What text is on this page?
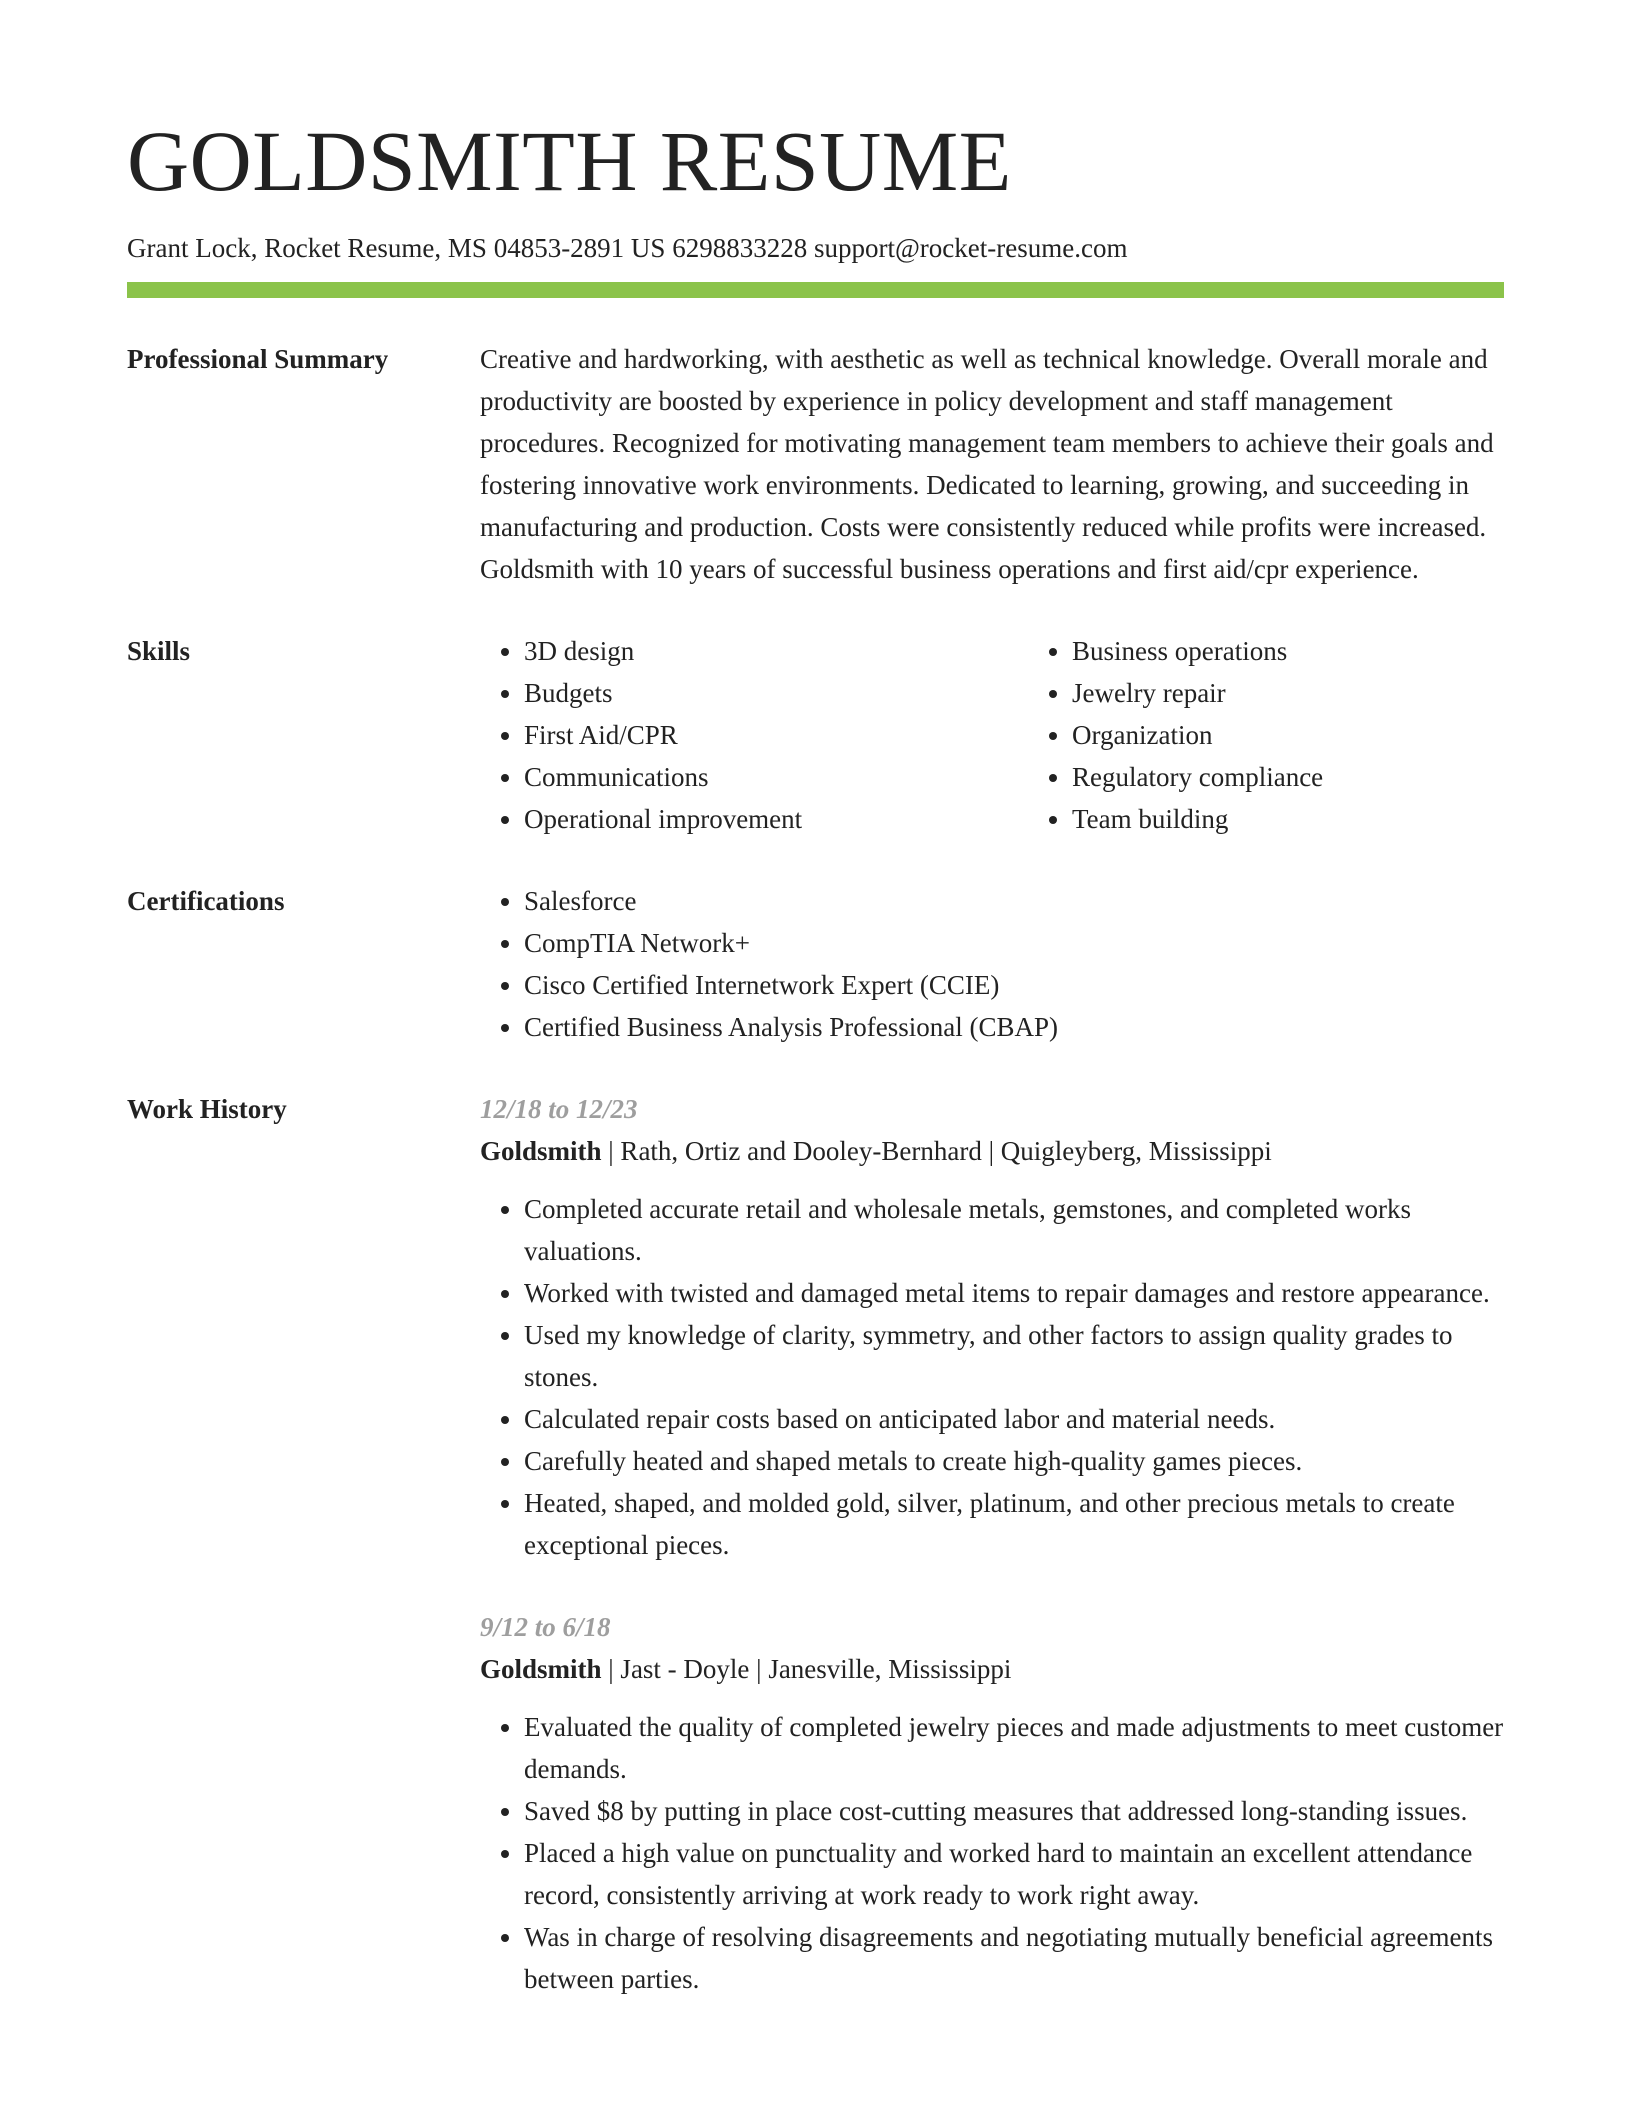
GOLDSMITH RESUME
Grant Lock, Rocket Resume, MS 04853-2891 US 6298833228 support@rocket-resume.com
Professional Summary	Creative and hardworking, with aesthetic as well as technical knowledge. Overall morale and productivity are boosted by experience in policy development and staff management procedures. Recognized for motivating management team members to achieve their goals and fostering innovative work environments. Dedicated to learning, growing, and succeeding in manufacturing and production. Costs were consistently reduced while profits were increased. Goldsmith with 10 years of successful business operations and first aid/cpr experience.

Skills	• 3D design
• Budgets
• First Aid/CPR
• Communications
• Operational improvement
• Business operations
• Jewelry repair
• Organization
• Regulatory compliance
• Team building
Certifications	• Salesforce
• CompTIA Network+
• Cisco Certified Internetwork Expert (CCIE)
• Certified Business Analysis Professional (CBAP)
Work History	12/18 to 12/23
Goldsmith | Rath, Ortiz and Dooley-Bernhard | Quigleyberg, Mississippi
• Completed accurate retail and wholesale metals, gemstones, and completed works valuations.
• Worked with twisted and damaged metal items to repair damages and restore appearance.
• Used my knowledge of clarity, symmetry, and other factors to assign quality grades to stones.
• Calculated repair costs based on anticipated labor and material needs.
• Carefully heated and shaped metals to create high-quality games pieces.
• Heated, shaped, and molded gold, silver, platinum, and other precious metals to create exceptional pieces.
9/12 to 6/18
Goldsmith | Jast - Doyle | Janesville, Mississippi
• Evaluated the quality of completed jewelry pieces and made adjustments to meet customer demands.
• Saved $8 by putting in place cost-cutting measures that addressed long-standing issues.
• Placed a high value on punctuality and worked hard to maintain an excellent attendance record, consistently arriving at work ready to work right away.
• Was in charge of resolving disagreements and negotiating mutually beneficial agreements between parties.
